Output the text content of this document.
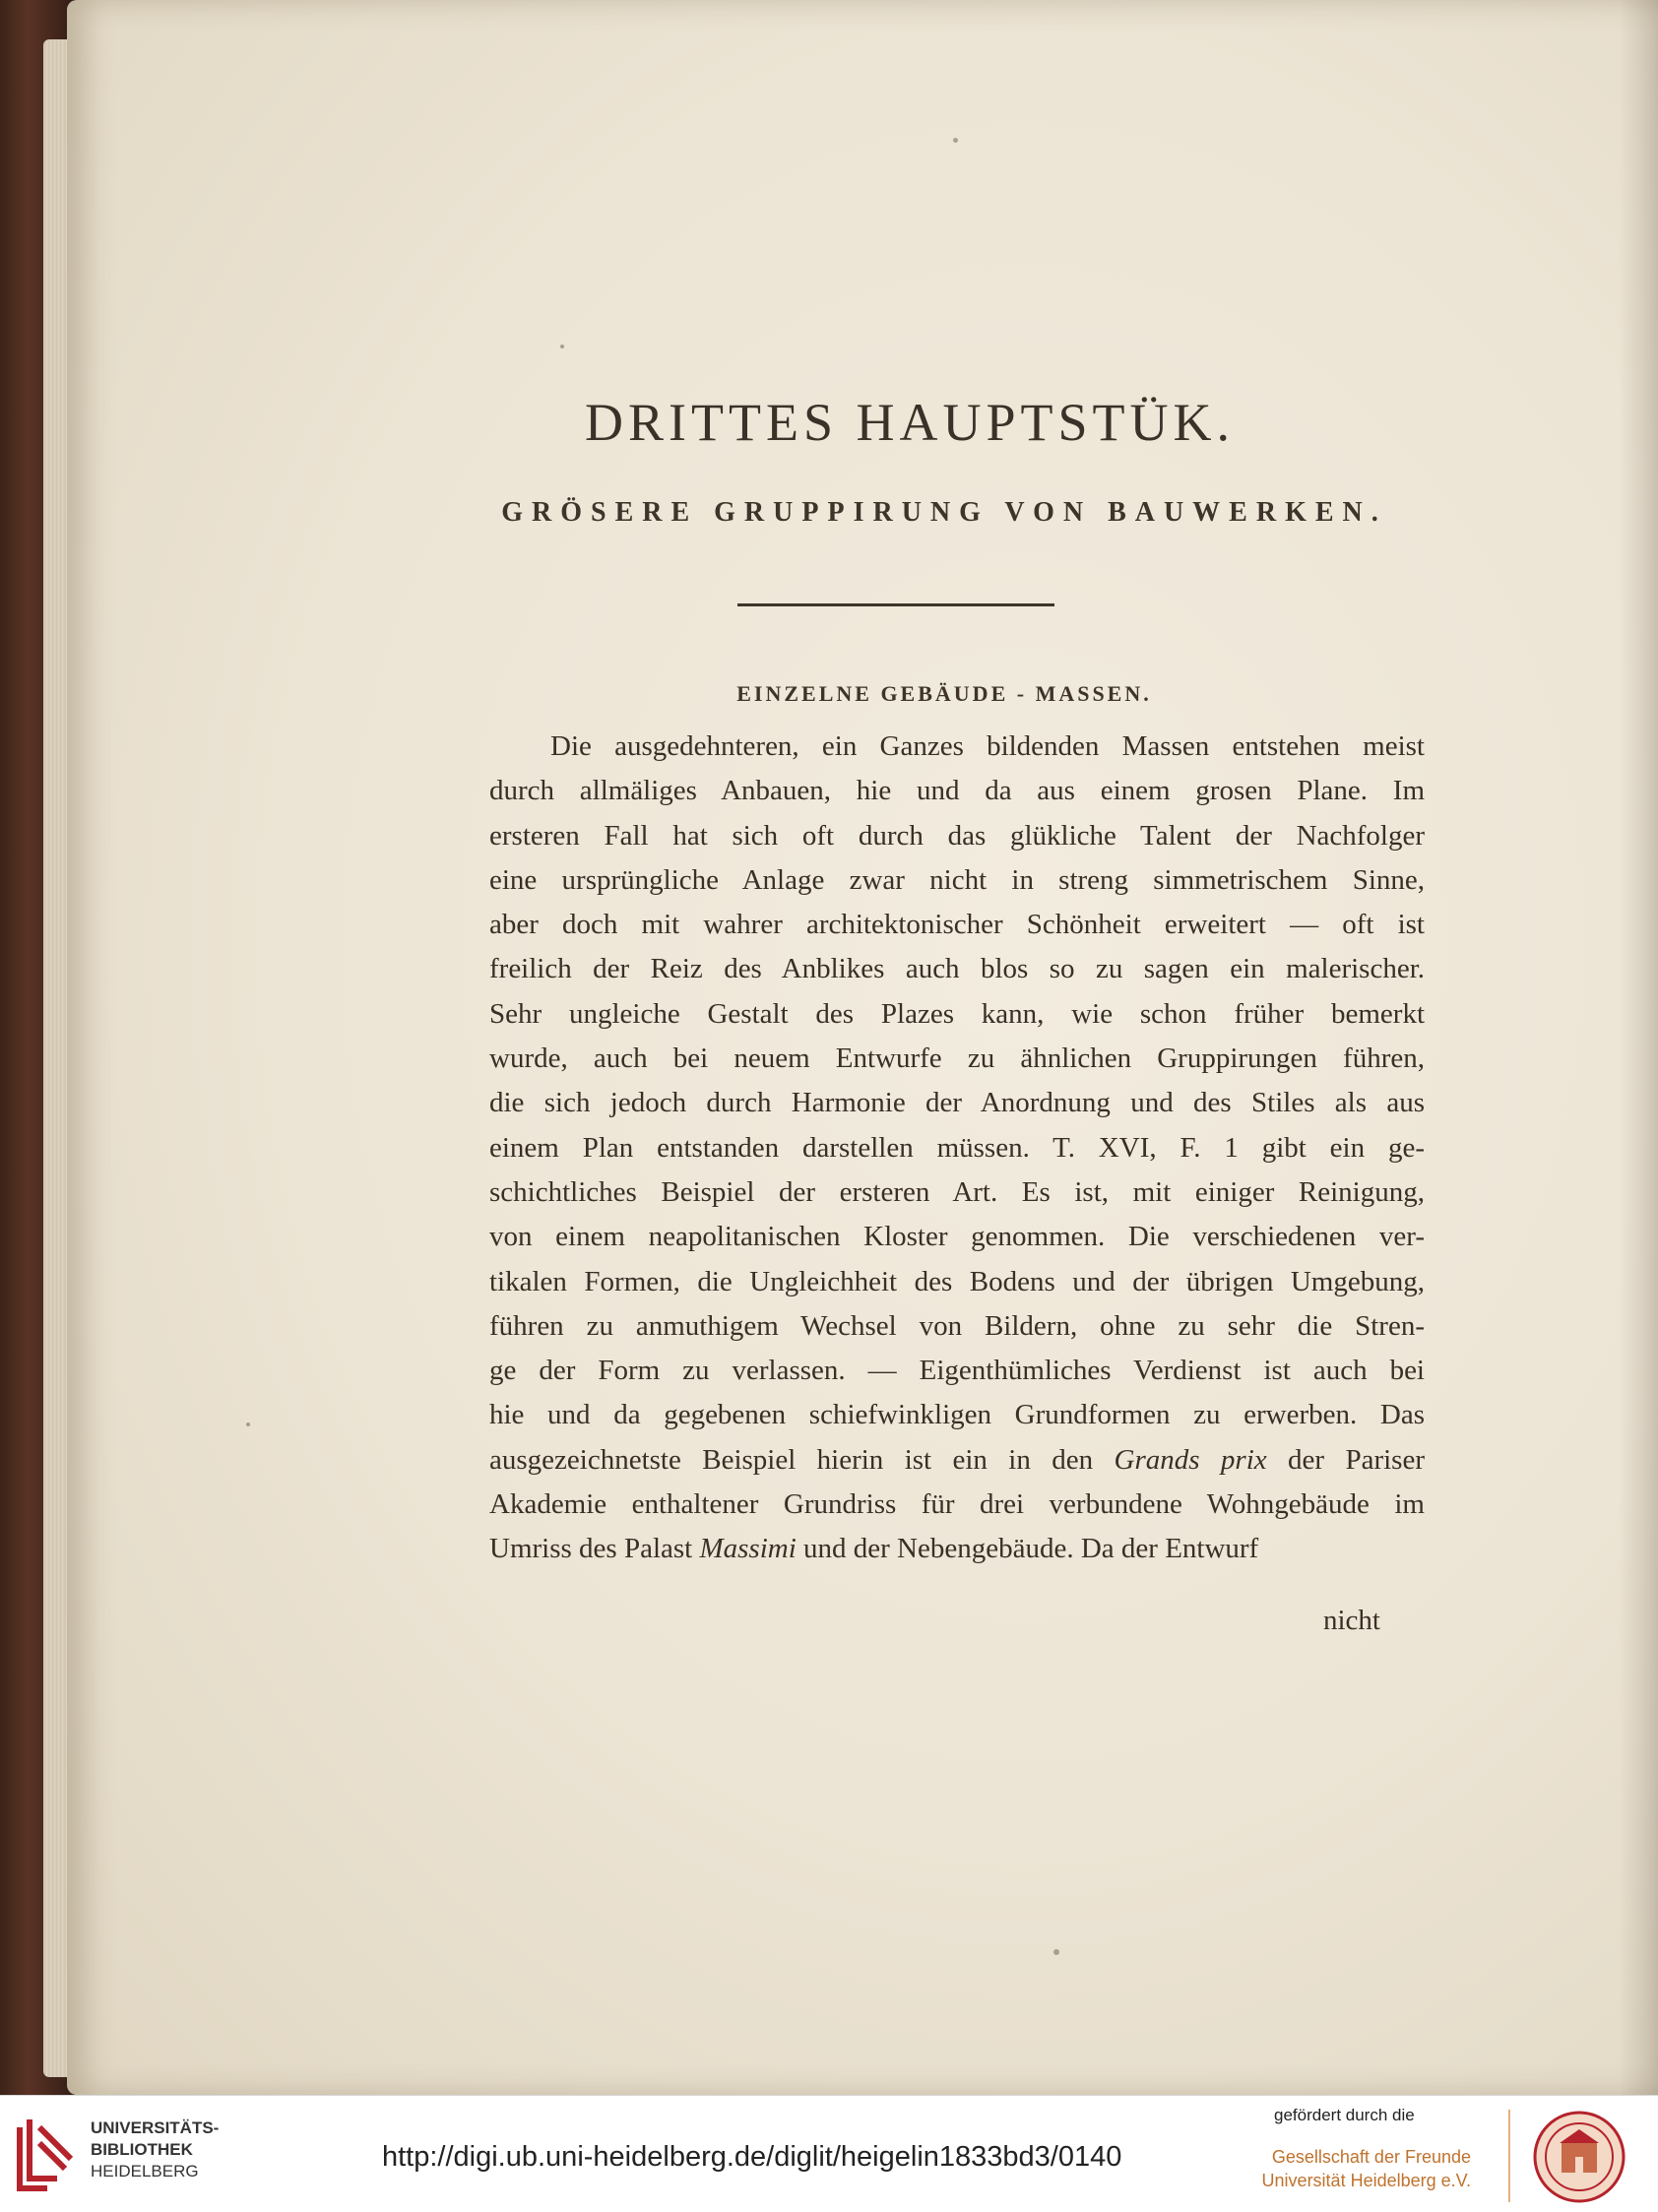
DRITTES HAUPTSTÜK.
GRÖSERE GRUPPIRUNG VON BAUWERKEN.
EINZELNE GEBÄUDE - MASSEN.
Die ausgedehnteren, ein Ganzes bildenden Massen entstehen meist
durch allmäliges Anbauen, hie und da aus einem grosen Plane. Im
ersteren Fall hat sich oft durch das glükliche Talent der Nachfolger
eine ursprüngliche Anlage zwar nicht in streng simmetrischem Sinne,
aber doch mit wahrer architektonischer Schönheit erweitert — oft ist
freilich der Reiz des Anblikes auch blos so zu sagen ein malerischer.
Sehr ungleiche Gestalt des Plazes kann, wie schon früher bemerkt
wurde, auch bei neuem Entwurfe zu ähnlichen Gruppirungen führen,
die sich jedoch durch Harmonie der Anordnung und des Stiles als aus
einem Plan entstanden darstellen müssen. T. XVI, F. 1 gibt ein ge-
schichtliches Beispiel der ersteren Art. Es ist, mit einiger Reinigung,
von einem neapolitanischen Kloster genommen. Die verschiedenen ver-
tikalen Formen, die Ungleichheit des Bodens und der übrigen Umgebung,
führen zu anmuthigem Wechsel von Bildern, ohne zu sehr die Stren-
ge der Form zu verlassen. — Eigenthümliches Verdienst ist auch bei
hie und da gegebenen schiefwinkligen Grundformen zu erwerben. Das
ausgezeichnetste Beispiel hierin ist ein in den Grands prix der Pariser
Akademie enthaltener Grundriss für drei verbundene Wohngebäude im
Umriss des Palast Massimi und der Nebengebäude. Da der Entwurf
nicht
UNIVERSITÄTS-
BIBLIOTHEK
HEIDELBERG	http://digi.ub.uni-heidelberg.de/diglit/heigelin1833bd3/0140
gefördert durch die
Gesellschaft der Freunde
Universität Heidelberg e.V.
